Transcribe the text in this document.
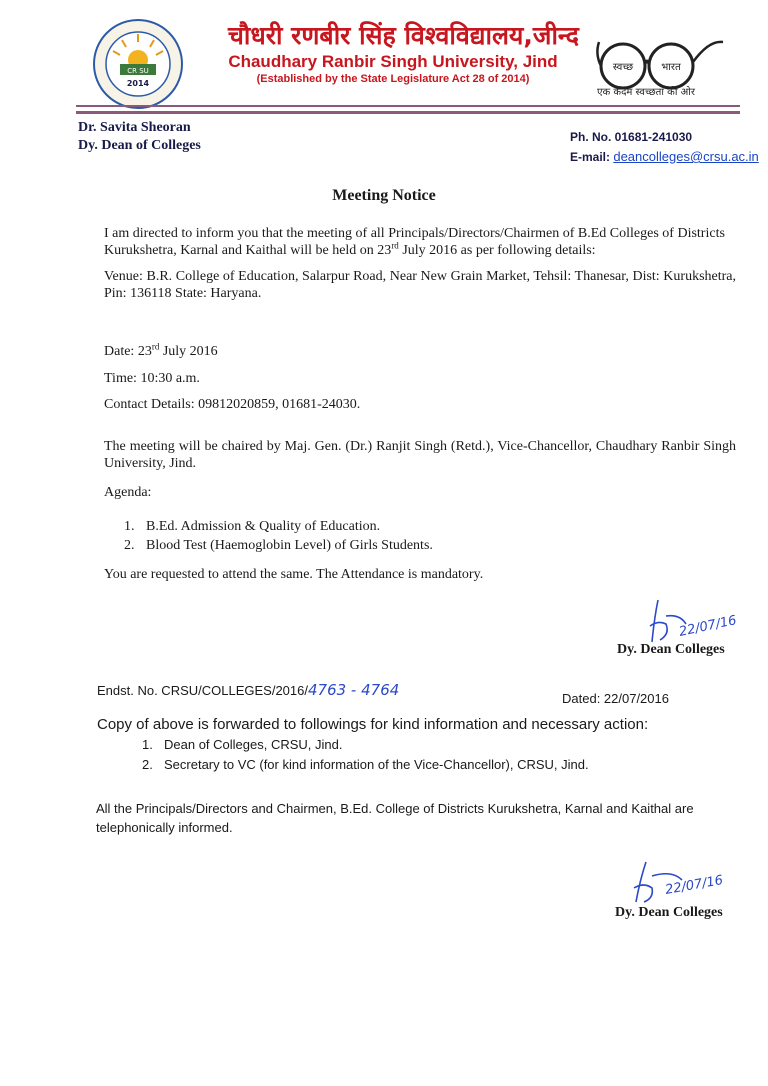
CR SU
2014
चौधरी रणबीर सिंह विश्वविद्यालय,जीन्द
Chaudhary Ranbir Singh University, Jind
(Established by the State Legislature Act 28 of 2014)
स्वच्छ	भारत
एक कदम स्वच्छता की ओर
Dr. Savita Sheoran
Dy. Dean of Colleges
Ph. No. 01681-241030
E-mail: deancolleges@crsu.ac.in
Meeting Notice
I am directed to inform you that the meeting of all Principals/Directors/Chairmen of B.Ed Colleges of Districts Kurukshetra, Karnal and Kaithal will be held on 23rd July 2016 as per following details:
Venue: B.R. College of Education, Salarpur Road, Near New Grain Market, Tehsil: Thanesar, Dist: Kurukshetra, Pin: 136118 State: Haryana.
Date: 23rd July 2016
Time: 10:30 a.m.
Contact Details: 09812020859, 01681-24030.
The meeting will be chaired by Maj. Gen. (Dr.) Ranjit Singh (Retd.), Vice-Chancellor, Chaudhary Ranbir Singh University, Jind.
Agenda:
1. B.Ed. Admission & Quality of Education.
2. Blood Test (Haemoglobin Level) of Girls Students.
You are requested to attend the same. The Attendance is mandatory.
22/07/16
Dy. Dean Colleges
Endst. No. CRSU/COLLEGES/2016/4763 - 4764	Dated: 22/07/2016
Copy of above is forwarded to followings for kind information and necessary action:
1. Dean of Colleges, CRSU, Jind.
2. Secretary to VC (for kind information of the Vice-Chancellor), CRSU, Jind.
All the Principals/Directors and Chairmen, B.Ed. College of Districts Kurukshetra, Karnal and Kaithal are telephonically informed.
22/07/16
Dy. Dean Colleges
